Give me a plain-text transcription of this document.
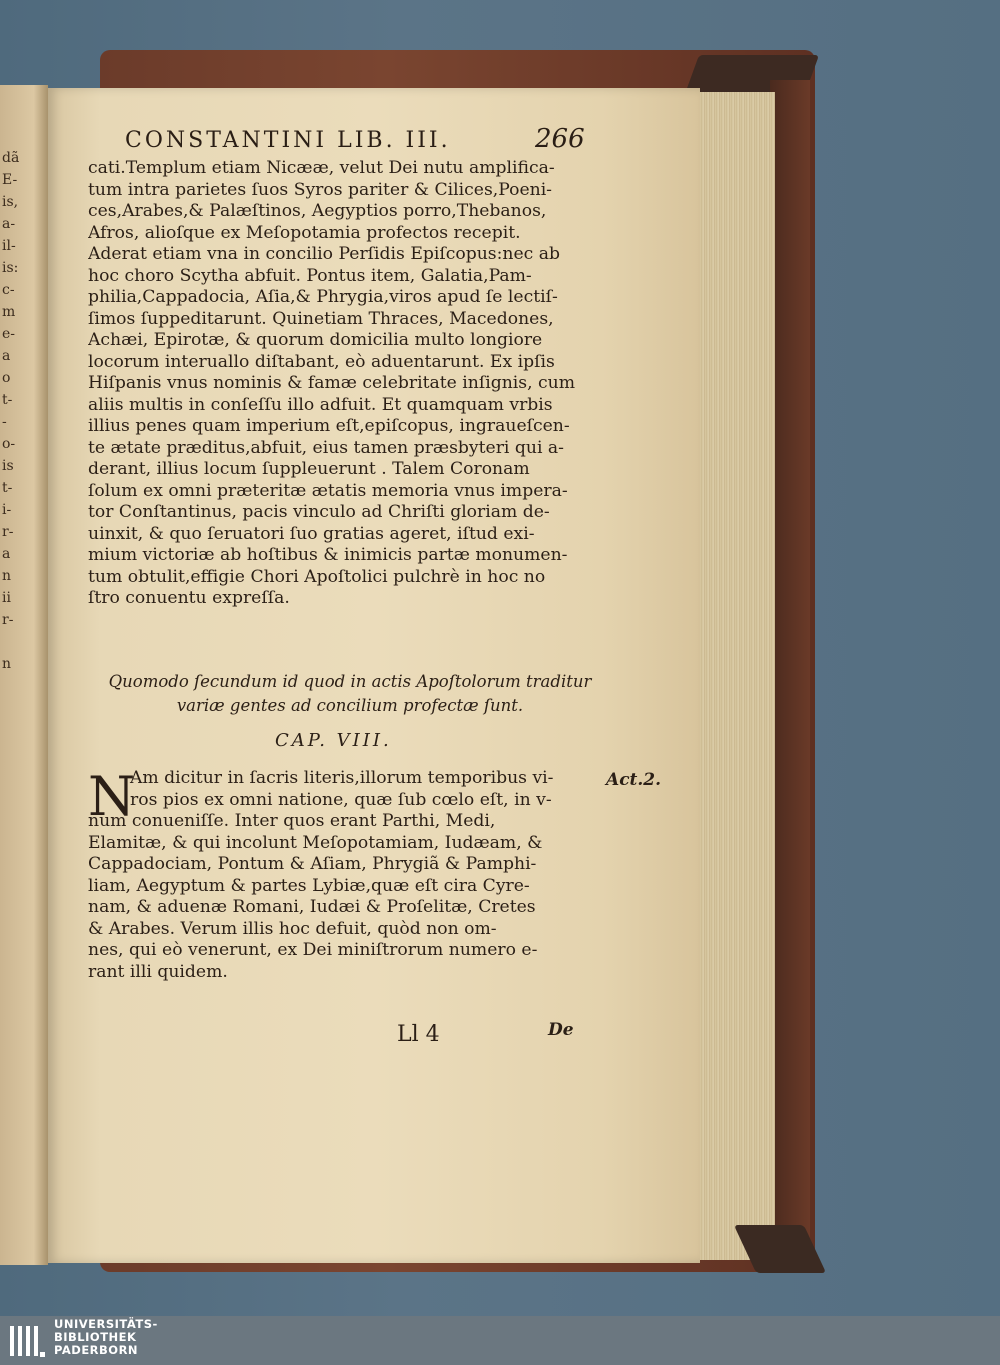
dã
E-
is,
a-
il-
is:
c-
m
e-
a
o
t-
-
o-
is
t-
i-
r-
a
n
ii
r-
n
CONSTANTINI LIB. III.	266
cati.Templum etiam Nicææ, velut Dei nutu amplifica-
tum intra parietes ſuos Syros pariter & Cilices,Poeni-
ces,Arabes,& Palæſtinos, Aegyptios porro,Thebanos,
Afros, alioſque ex Meſopotamia profectos recepit.
Aderat etiam vna in concilio Perſidis Epiſcopus:nec ab
hoc choro Scytha abfuit. Pontus item, Galatia,Pam-
philia,Cappadocia, Aſia,& Phrygia,viros apud ſe lectiſ-
ſimos ſuppeditarunt. Quinetiam Thraces, Macedones,
Achæi, Epirotæ, & quorum domicilia multo longiore
locorum interuallo diſtabant, eò aduentarunt. Ex ipſis
Hiſpanis vnus nominis & famæ celebritate inſignis, cum
aliis multis in conſeſſu illo adfuit. Et quamquam vrbis
illius penes quam imperium eſt,epiſcopus, ingraueſcen-
te ætate præditus,abfuit, eius tamen præsbyteri qui a-
derant, illius locum ſuppleuerunt . Talem Coronam
ſolum ex omni prӕteritæ ætatis memoria vnus impera-
tor Conſtantinus, pacis vinculo ad Chriſti gloriam de-
uinxit, & quo ſeruatori ſuo gratias ageret, iſtud exi-
mium victoriæ ab hoſtibus & inimicis partæ monumen-
tum obtulit,effigie Chori Apoſtolici pulchrè in hoc no
ſtro conuentu expreſſa.
Quomodo ſecundum id quod in actis Apoſtolorum traditur
variæ gentes ad concilium profectæ ſunt.
CAP. VIII.
N
Am dicitur in ſacris literis,illorum temporibus vi-
ros pios ex omni natione, quæ ſub cœlo eſt, in v-
num conueniſſe. Inter quos erant Parthi, Medi,
Elamitæ, & qui incolunt Meſopotamiam, Iudæam, &
Cappadociam, Pontum & Aſiam, Phrygiã & Pamphi-
liam, Aegyptum & partes Lybiæ,quæ eſt cira Cyre-
nam, & aduenæ Romani, Iudæi & Proſelitæ, Cretes
& Arabes. Verum illis hoc defuit, quòd non om-
nes, qui eò venerunt, ex Dei miniſtrorum numero e-
rant illi quidem.
Act.2.
Ll 4	De
UNIVERSITÄTS-
BIBLIOTHEK
PADERBORN
